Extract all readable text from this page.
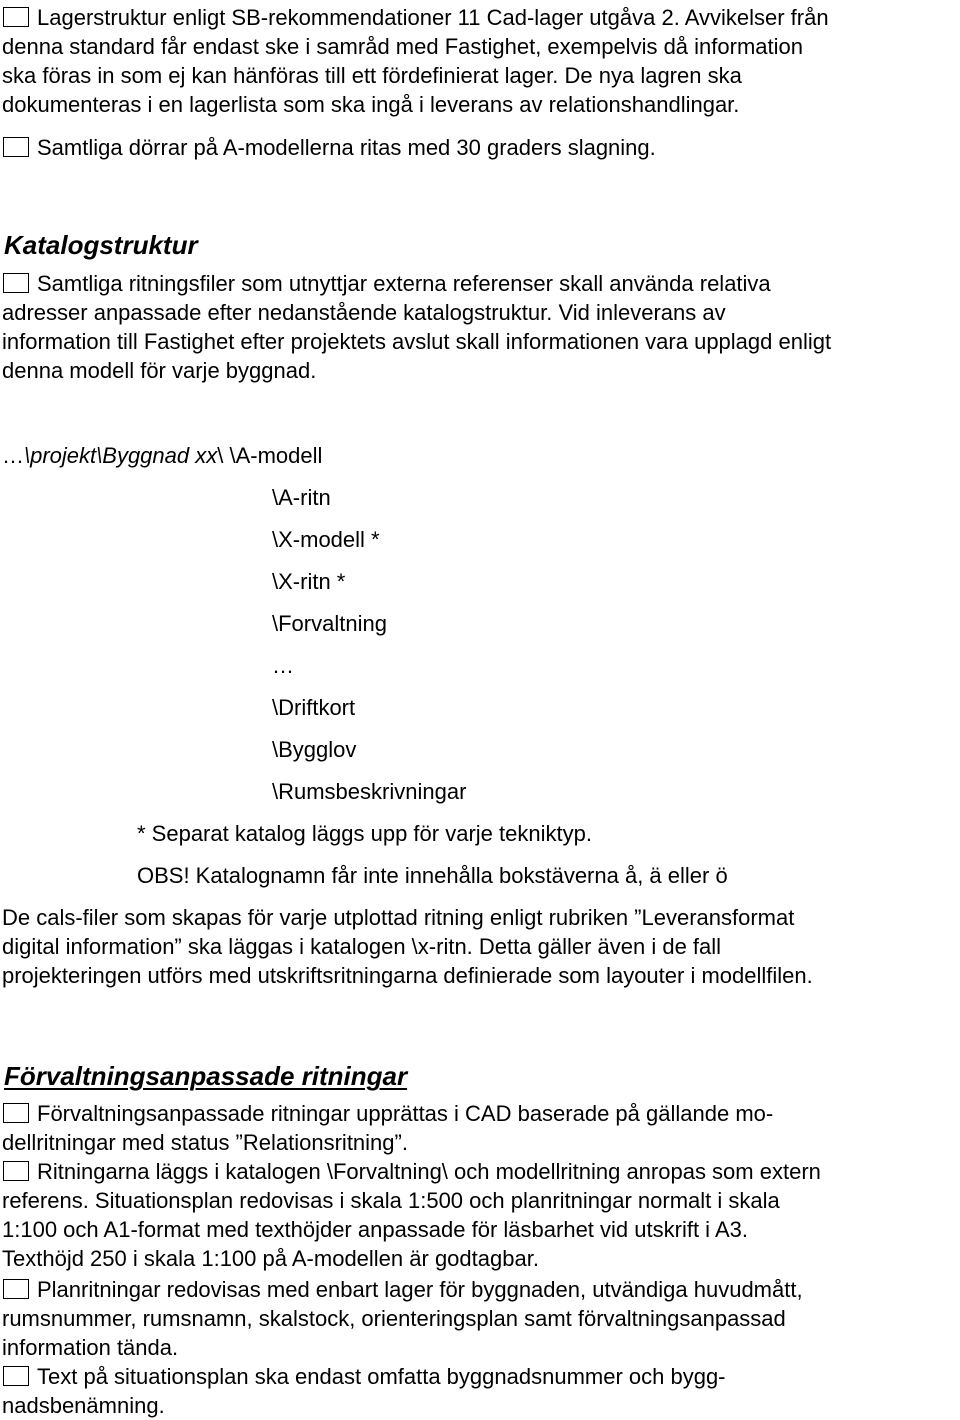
Lagerstruktur enligt SB-rekommendationer 11 Cad-lager utgåva 2. Avvikelser från
denna standard får endast ske i samråd med Fastighet, exempelvis då information
ska föras in som ej kan hänföras till ett fördefinierat lager. De nya lagren ska
dokumenteras i en lagerlista som ska ingå i leverans av relationshandlingar.
Samtliga dörrar på A-modellerna ritas med 30 graders slagning.
Katalogstruktur
Samtliga ritningsfiler som utnyttjar externa referenser skall använda relativa
adresser anpassade efter nedanstående katalogstruktur. Vid inleverans av
information till Fastighet efter projektets avslut skall informationen vara upplagd enligt
denna modell för varje byggnad.
…\projekt\Byggnad xx\ \A-modell
\A-ritn
\X-modell *
\X-ritn *
\Forvaltning
…
\Driftkort
\Bygglov
\Rumsbeskrivningar
* Separat katalog läggs upp för varje tekniktyp.
OBS! Katalognamn får inte innehålla bokstäverna å, ä eller ö
De cals-filer som skapas för varje utplottad ritning enligt rubriken ”Leveransformat
digital information” ska läggas i katalogen \x-ritn. Detta gäller även i de fall
projekteringen utförs med utskriftsritningarna definierade som layouter i modellfilen.
Förvaltningsanpassade ritningar
Förvaltningsanpassade ritningar upprättas i CAD baserade på gällande mo-
dellritningar med status ”Relationsritning”.
Ritningarna läggs i katalogen \Forvaltning\ och modellritning anropas som extern
referens. Situationsplan redovisas i skala 1:500 och planritningar normalt i skala
1:100 och A1-format med texthöjder anpassade för läsbarhet vid utskrift i A3.
Texthöjd 250 i skala 1:100 på A-modellen är godtagbar.
Planritningar redovisas med enbart lager för byggnaden, utvändiga huvudmått,
rumsnummer, rumsnamn, skalstock, orienteringsplan samt förvaltningsanpassad
information tända.
Text på situationsplan ska endast omfatta byggnadsnummer och bygg-
nadsbenämning.
